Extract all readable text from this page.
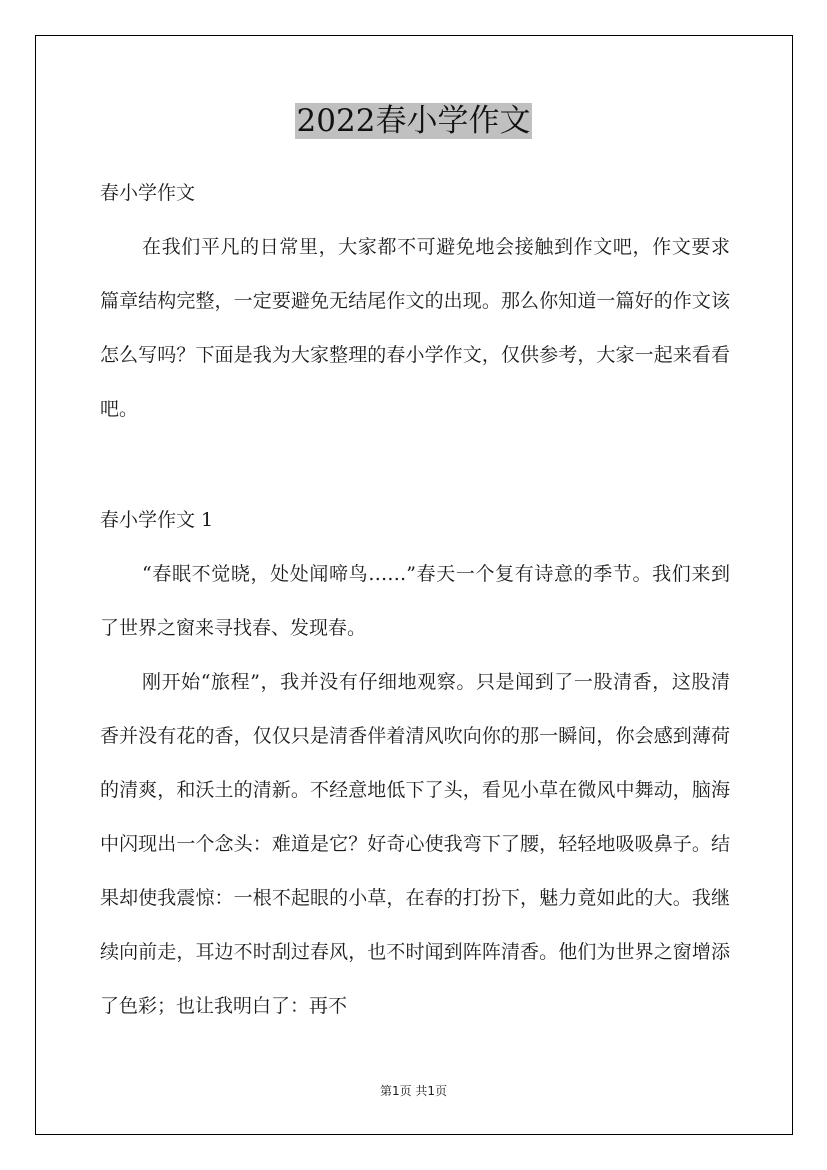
2022春小学作文
春小学作文

在我们平凡的日常里，大家都不可避免地会接触到作文吧，作文要求篇章结构完整，一定要避免无结尾作文的出现。那么你知道一篇好的作文该怎么写吗？下面是我为大家整理的春小学作文，仅供参考，大家一起来看看吧。

春小学作文 1

“春眠不觉晓，处处闻啼鸟……”春天一个复有诗意的季节。我们来到了世界之窗来寻找春、发现春。

刚开始“旅程”，我并没有仔细地观察。只是闻到了一股清香，这股清香并没有花的香，仅仅只是清香伴着清风吹向你的那一瞬间，你会感到薄荷的清爽，和沃土的清新。不经意地低下了头，看见小草在微风中舞动，脑海中闪现出一个念头：难道是它？好奇心使我弯下了腰，轻轻地吸吸鼻子。结果却使我震惊：一根不起眼的小草，在春的打扮下，魅力竟如此的大。我继续向前走，耳边不时刮过春风，也不时闻到阵阵清香。他们为世界之窗增添了色彩；也让我明白了：再不

第1页 共1页
